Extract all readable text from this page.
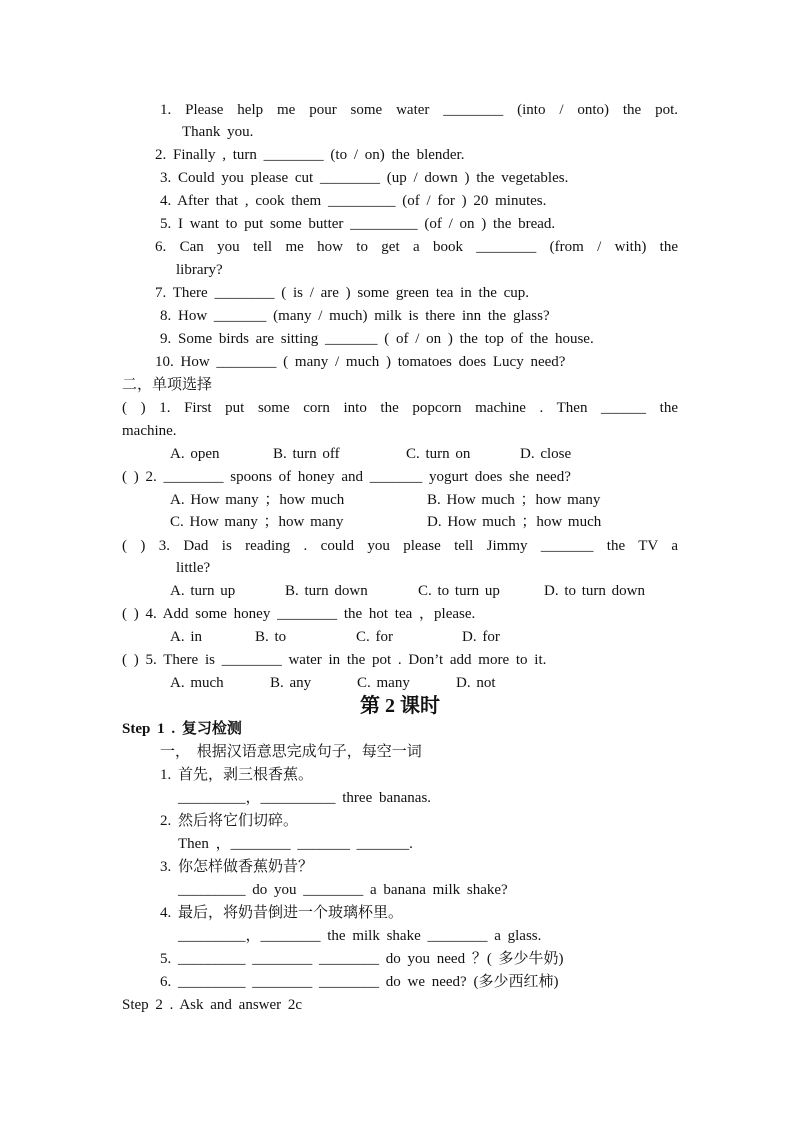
1. Please help me pour some water ________ (into / onto) the pot.
Thank you.
2. Finally , turn ________ (to / on) the blender.
3. Could you please cut ________ (up / down ) the vegetables.
4. After that , cook them _________ (of / for ) 20 minutes.
5. I want to put some butter _________ (of / on ) the bread.
6. Can you tell me how to get a book ________ (from / with) the
library?
7. There ________ ( is / are ) some green tea in the cup.
8. How _______ (many / much) milk is there inn the glass?
9. Some birds are sitting _______ ( of / on ) the top of the house.
10. How ________ ( many / much ) tomatoes does Lucy need?
二，单项选择
( ) 1. First put some corn into the popcorn machine . Then ______ the
machine.
A. open	B. turn off	C. turn on	D. close
( ) 2. ________ spoons of honey and _______ yogurt does she need?
A. How many ；how much	B. How much ；how many
C. How many ；how many	D. How much ；how much
( ) 3. Dad is reading . could you please tell Jimmy _______ the TV a
little?
A. turn up	B. turn down	C. to turn up	D. to turn down
( ) 4. Add some honey ________ the hot tea ，please.
A. in	B. to	C. for	D. for
( ) 5. There is ________ water in the pot . Don’t add more to it.
A. much	B. any	C. many	D. not
第 2 课时
Step 1 . 复习检测
一， 根据汉语意思完成句子，每空一词
1. 首先，剥三根香蕉。
_________，__________ three bananas.
2. 然后将它们切碎。
Then ，________ _______ _______.
3. 你怎样做香蕉奶昔？
_________ do you ________ a banana milk shake?
4. 最后，将奶昔倒进一个玻璃杯里。
_________，________ the milk shake ________ a glass.
5. _________ ________ ________ do you need ？( 多少牛奶)
6. _________ ________ ________ do we need? (多少西红柿)
Step 2 . Ask and answer 2c
